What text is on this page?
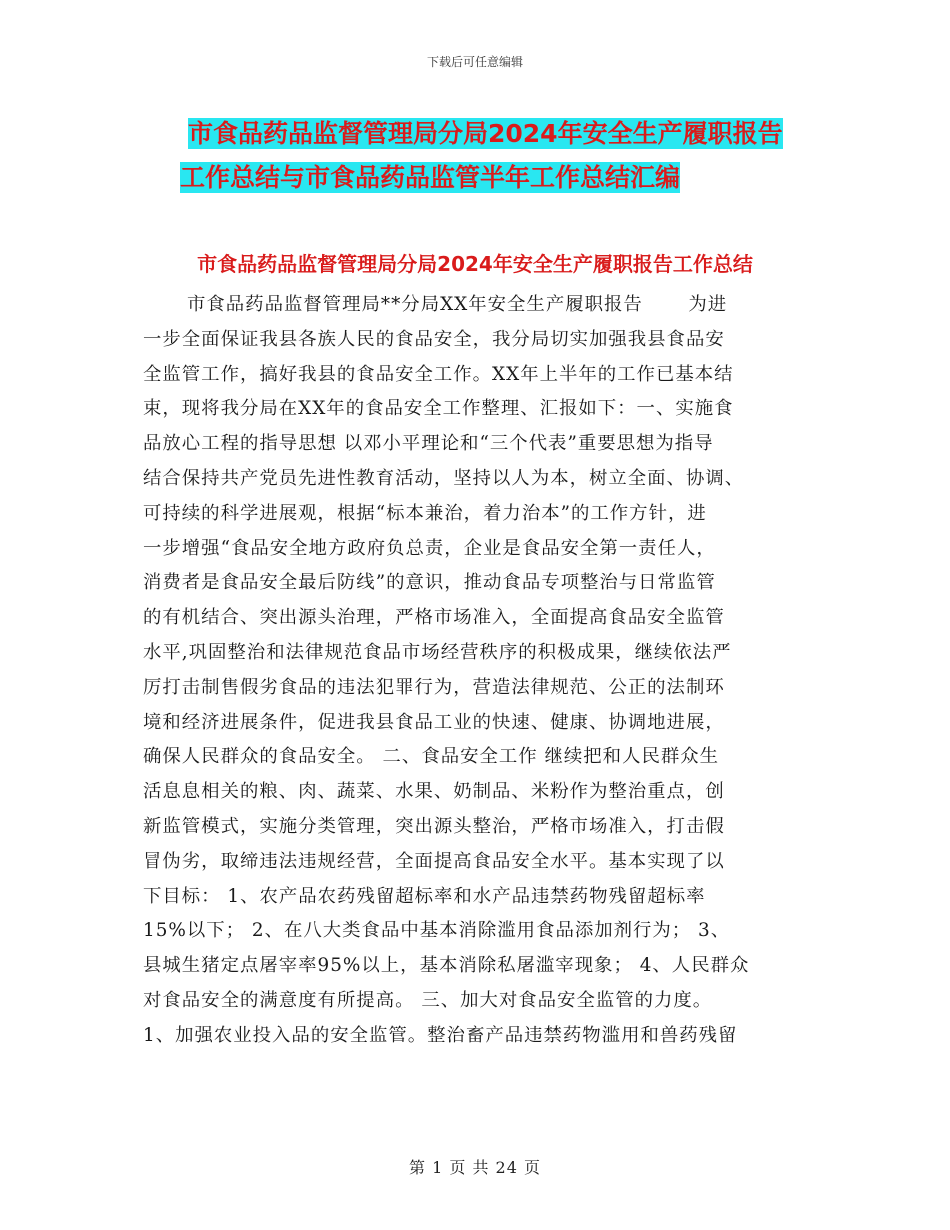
下载后可任意编辑
市食品药品监督管理局分局2024年安全生产履职报告
工作总结与市食品药品监管半年工作总结汇编
市食品药品监督管理局分局2024年安全生产履职报告工作总结
市食品药品监督管理局**分局XX年安全生产履职报告　　 为进
一步全面保证我县各族人民的食品安全，我分局切实加强我县食品安
全监管工作，搞好我县的食品安全工作。XX年上半年的工作已基本结
束，现将我分局在XX年的食品安全工作整理、汇报如下：一、实施食
品放心工程的指导思想 以邓小平理论和“三个代表”重要思想为指导
结合保持共产党员先进性教育活动，坚持以人为本，树立全面、协调、
可持续的科学进展观，根据“标本兼治，着力治本”的工作方针，进
一步增强“食品安全地方政府负总责，企业是食品安全第一责任人，
消费者是食品安全最后防线”的意识，推动食品专项整治与日常监管
的有机结合、突出源头治理，严格市场准入，全面提高食品安全监管
水平,巩固整治和法律规范食品市场经营秩序的积极成果，继续依法严
厉打击制售假劣食品的违法犯罪行为，营造法律规范、公正的法制环
境和经济进展条件，促进我县食品工业的快速、健康、协调地进展，
确保人民群众的食品安全。 二、食品安全工作 继续把和人民群众生
活息息相关的粮、肉、蔬菜、水果、奶制品、米粉作为整治重点，创
新监管模式，实施分类管理，突出源头整治，严格市场准入，打击假
冒伪劣，取缔违法违规经营，全面提高食品安全水平。基本实现了以
下目标： 1、农产品农药残留超标率和水产品违禁药物残留超标率
15%以下； 2、在八大类食品中基本消除滥用食品添加剂行为； 3、
县城生猪定点屠宰率95%以上，基本消除私屠滥宰现象； 4、人民群众
对食品安全的满意度有所提高。 三、加大对食品安全监管的力度。
1、加强农业投入品的安全监管。整治畜产品违禁药物滥用和兽药残留
第 1 页 共 24 页
